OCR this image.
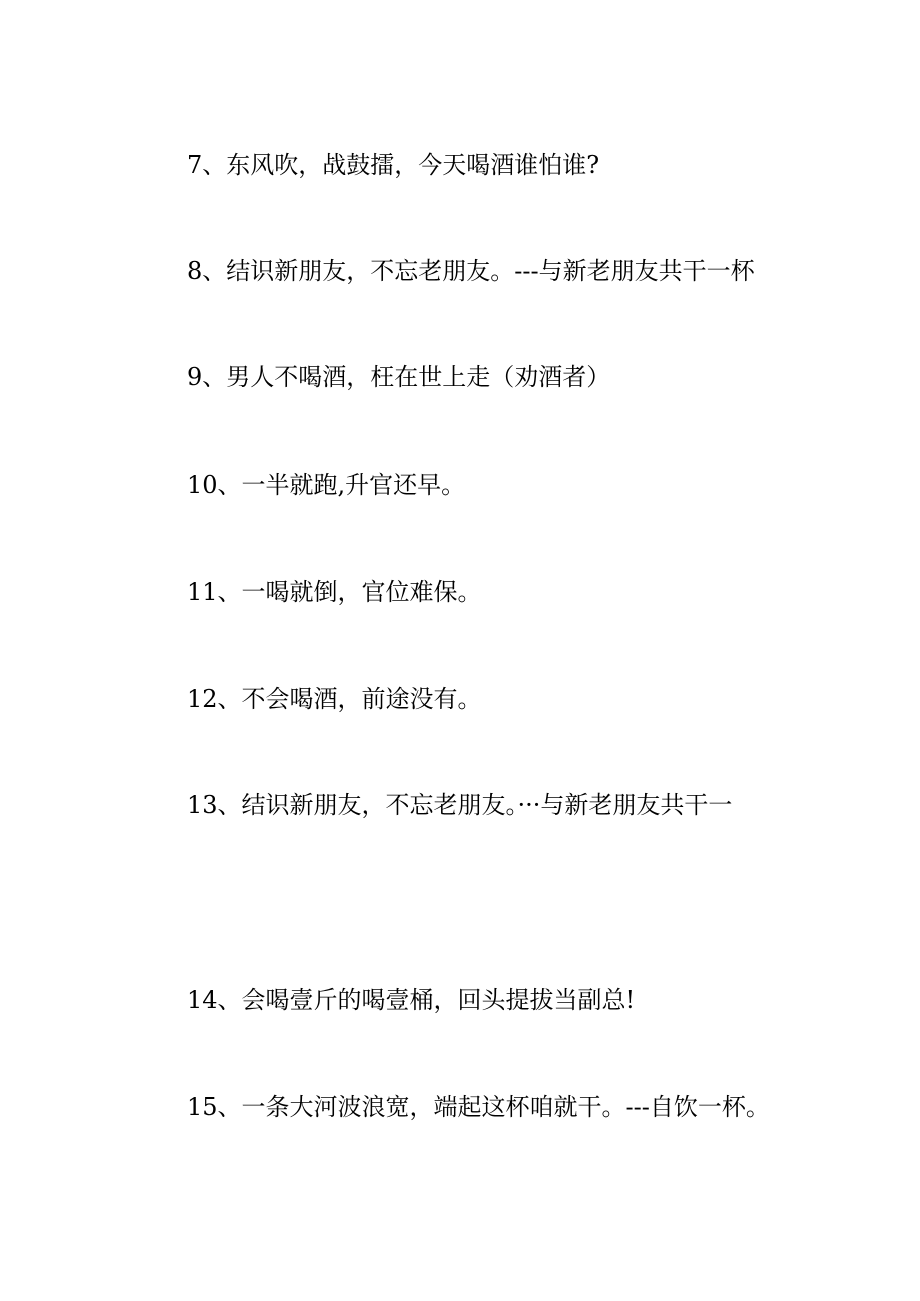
7、东风吹，战鼓擂，今天喝酒谁怕谁?

8、结识新朋友，不忘老朋友。---与新老朋友共干一杯

9、男人不喝酒，枉在世上走（劝酒者）

10、一半就跑,升官还早。

11、一喝就倒，官位难保。

12、不会喝酒，前途没有。

13、结识新朋友，不忘老朋友。···与新老朋友共干一

14、会喝壹斤的喝壹桶，回头提拔当副总!

15、一条大河波浪宽，端起这杯咱就干。---自饮一杯。
